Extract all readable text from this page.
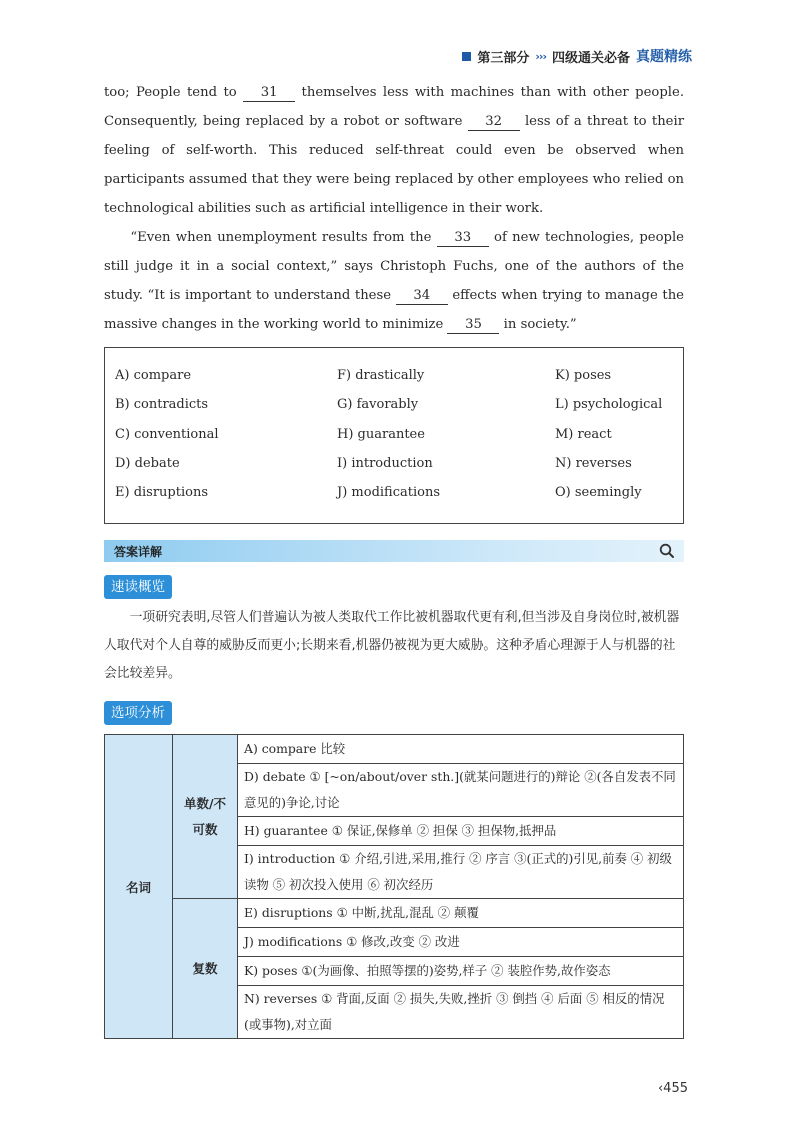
第三部分 ››› 四级通关必备 真题精练

too; People tend to 31 themselves less with machines than with other people. Consequently, being replaced by a robot or software 32 less of a threat to their feeling of self-worth. This reduced self-threat could even be observed when participants assumed that they were being replaced by other employees who relied on technological abilities such as artificial intelligence in their work.

“Even when unemployment results from the 33 of new technologies, people still judge it in a social context,” says Christoph Fuchs, one of the authors of the study. “It is important to understand these 34 effects when trying to manage the massive changes in the working world to minimize 35 in society.”

A) compare
B) contradicts
C) conventional
D) debate
E) disruptions
F) drastically
G) favorably
H) guarantee
I) introduction
J) modifications
K) poses
L) psychological
M) react
N) reverses
O) seemingly
答案详解
速读概览

一项研究表明,尽管人们普遍认为被人类取代工作比被机器取代更有利,但当涉及自身岗位时,被机器人取代对个人自尊的威胁反而更小;长期来看,机器仍被视为更大威胁。这种矛盾心理源于人与机器的社会比较差异。

选项分析
名词	单数/不可数	A) compare 比较
		D) debate ① [~on/about/over sth.](就某问题进行的)辩论 ②(各自发表不同意见的)争论,讨论
		H) guarantee ① 保证,保修单 ② 担保 ③ 担保物,抵押品
		I) introduction ① 介绍,引进,采用,推行 ② 序言 ③(正式的)引见,前奏 ④ 初级读物 ⑤ 初次投入使用 ⑥ 初次经历
	复数	E) disruptions ① 中断,扰乱,混乱 ② 颠覆
		J) modifications ① 修改,改变 ② 改进
		K) poses ①(为画像、拍照等摆的)姿势,样子 ② 装腔作势,故作姿态
		N) reverses ① 背面,反面 ② 损失,失败,挫折 ③ 倒挡 ④ 后面 ⑤ 相反的情况(或事物),对立面
‹455
